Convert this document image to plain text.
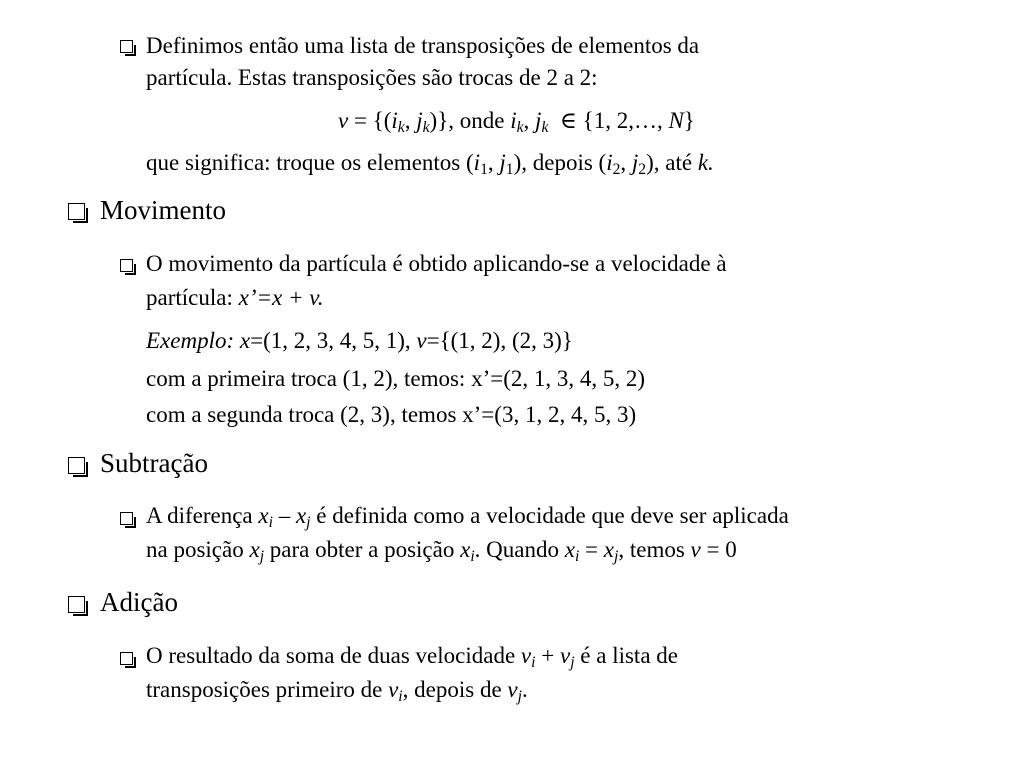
Definimos então uma lista de transposições de elementos da
partícula. Estas transposições são trocas de 2 a 2:
$v = \{(i_k$, $j_k$)}, onde $i_k$, $j_k$  ∈ {1, 2,…, N}
que significa: troque os elementos ($i_1$, $j_1$), depois ($i_2$, $j_2$), até k.
Movimento
O movimento da partícula é obtido aplicando-se a velocidade à
partícula: x’=x + v.
Exemplo: x=(1, 2, 3, 4, 5, 1), v={(1, 2), (2, 3)}
com a primeira troca (1, 2), temos: x’=(2, 1, 3, 4, 5, 2)
com a segunda troca (2, 3), temos x’=(3, 1, 2, 4, 5, 3)
Subtração
A diferença $x_i - x_j$ é definida como a velocidade que deve ser aplicada
na posição $x_j$ para obter a posição $x_i$. Quando $x_i = x_j$, temos v = 0
Adição
O resultado da soma de duas velocidade $v_i + v_j$ é a lista de
transposições primeiro de $v_i$, depois de $v_j$.
